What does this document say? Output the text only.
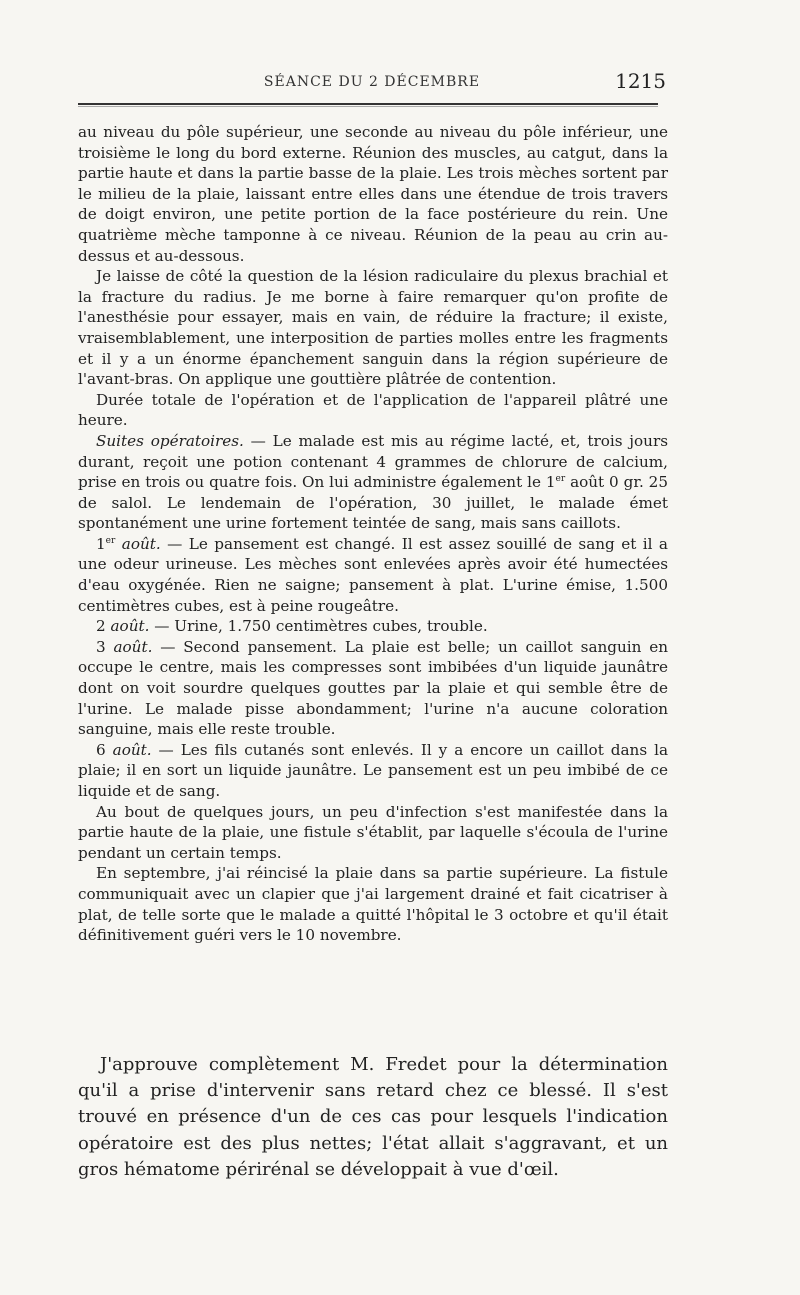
SÉANCE DU 2 DÉCEMBRE	1215

au niveau du pôle supérieur, une seconde au niveau du pôle inférieur, une troisième le long du bord externe. Réunion des muscles, au catgut, dans la partie haute et dans la partie basse de la plaie. Les trois mèches sortent par le milieu de la plaie, laissant entre elles dans une étendue de trois travers de doigt environ, une petite portion de la face postérieure du rein. Une quatrième mèche tamponne à ce niveau. Réunion de la peau au crin au-dessus et au-dessous.

Je laisse de côté la question de la lésion radiculaire du plexus brachial et la fracture du radius. Je me borne à faire remarquer qu'on profite de l'anesthésie pour essayer, mais en vain, de réduire la fracture; il existe, vraisemblablement, une interposition de parties molles entre les fragments et il y a un énorme épanchement sanguin dans la région supérieure de l'avant-bras. On applique une gouttière plâtrée de contention.

Durée totale de l'opération et de l'application de l'appareil plâtré une heure.

Suites opératoires. — Le malade est mis au régime lacté, et, trois jours durant, reçoit une potion contenant 4 grammes de chlorure de calcium, prise en trois ou quatre fois. On lui administre également le 1er août 0 gr. 25 de salol. Le lendemain de l'opération, 30 juillet, le malade émet spontanément une urine fortement teintée de sang, mais sans caillots.

1er août. — Le pansement est changé. Il est assez souillé de sang et il a une odeur urineuse. Les mèches sont enlevées après avoir été humectées d'eau oxygénée. Rien ne saigne; pansement à plat. L'urine émise, 1.500 centimètres cubes, est à peine rougeâtre.

2 août. — Urine, 1.750 centimètres cubes, trouble.

3 août. — Second pansement. La plaie est belle; un caillot sanguin en occupe le centre, mais les compresses sont imbibées d'un liquide jaunâtre dont on voit sourdre quelques gouttes par la plaie et qui semble être de l'urine. Le malade pisse abondamment; l'urine n'a aucune coloration sanguine, mais elle reste trouble.

6 août. — Les fils cutanés sont enlevés. Il y a encore un caillot dans la plaie; il en sort un liquide jaunâtre. Le pansement est un peu imbibé de ce liquide et de sang.

Au bout de quelques jours, un peu d'infection s'est manifestée dans la partie haute de la plaie, une fistule s'établit, par laquelle s'écoula de l'urine pendant un certain temps.

En septembre, j'ai réincisé la plaie dans sa partie supérieure. La fistule communiquait avec un clapier que j'ai largement drainé et fait cicatriser à plat, de telle sorte que le malade a quitté l'hôpital le 3 octobre et qu'il était définitivement guéri vers le 10 novembre.

J'approuve complètement M. Fredet pour la détermination qu'il a prise d'intervenir sans retard chez ce blessé. Il s'est trouvé en présence d'un de ces cas pour lesquels l'indication opératoire est des plus nettes; l'état allait s'aggravant, et un gros hématome périrénal se développait à vue d'œil.
